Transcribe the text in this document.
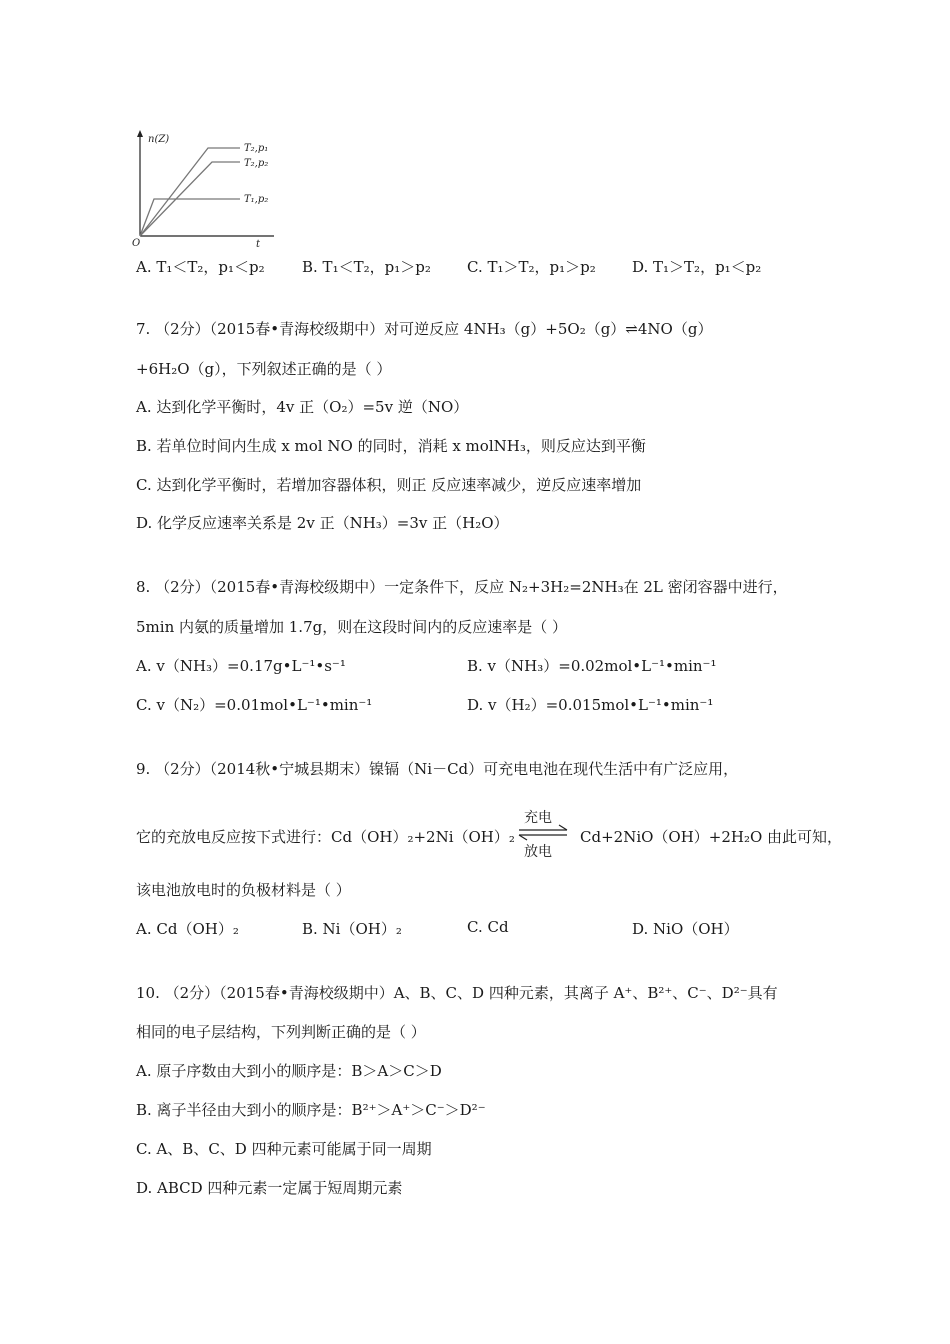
n(Z)
t
O
T₂,p₁
T₂,p₂
T₁,p₂
A. T₁＜T₂，p₁＜p₂ B. T₁＜T₂，p₁＞p₂ C. T₁＞T₂，p₁＞p₂ D. T₁＞T₂，p₁＜p₂
7. （2分）（2015春•青海校级期中）对可逆反应 4NH₃（g）+5O₂（g）⇌4NO（g）
+6H₂O（g），下列叙述正确的是（ ）
A. 达到化学平衡时，4v 正（O₂）=5v 逆（NO）
B. 若单位时间内生成 x mol NO 的同时，消耗 x molNH₃，则反应达到平衡
C. 达到化学平衡时，若增加容器体积，则正 反应速率减少，逆反应速率增加
D. 化学反应速率关系是 2v 正（NH₃）=3v 正（H₂O）
8. （2分）（2015春•青海校级期中）一定条件下，反应 N₂+3H₂=2NH₃在 2L 密闭容器中进行，
5min 内氨的质量增加 1.7g，则在这段时间内的反应速率是（ ）
A. v（NH₃）=0.17g•L⁻¹•s⁻¹	B. v（NH₃）=0.02mol•L⁻¹•min⁻¹
C. v（N₂）=0.01mol•L⁻¹•min⁻¹	D. v（H₂）=0.015mol•L⁻¹•min⁻¹
9. （2分）（2014秋•宁城县期末）镍镉（Ni－Cd）可充电电池在现代生活中有广泛应用，
它的充放电反应按下式进行：Cd（OH）₂+2Ni（OH）₂
充电
放电
Cd+2NiO（OH）+2H₂O 由此可知，
该电池放电时的负极材料是（ ）
A. Cd（OH）₂	B. Ni（OH）₂	C. Cd	D. NiO（OH）
10. （2分）（2015春•青海校级期中）A、B、C、D 四种元素，其离子 A⁺、B²⁺、C⁻、D²⁻具有
相同的电子层结构，下列判断正确的是（ ）
A. 原子序数由大到小的顺序是：B＞A＞C＞D
B. 离子半径由大到小的顺序是：B²⁺＞A⁺＞C⁻＞D²⁻
C. A、B、C、D 四种元素可能属于同一周期
D. ABCD 四种元素一定属于短周期元素
